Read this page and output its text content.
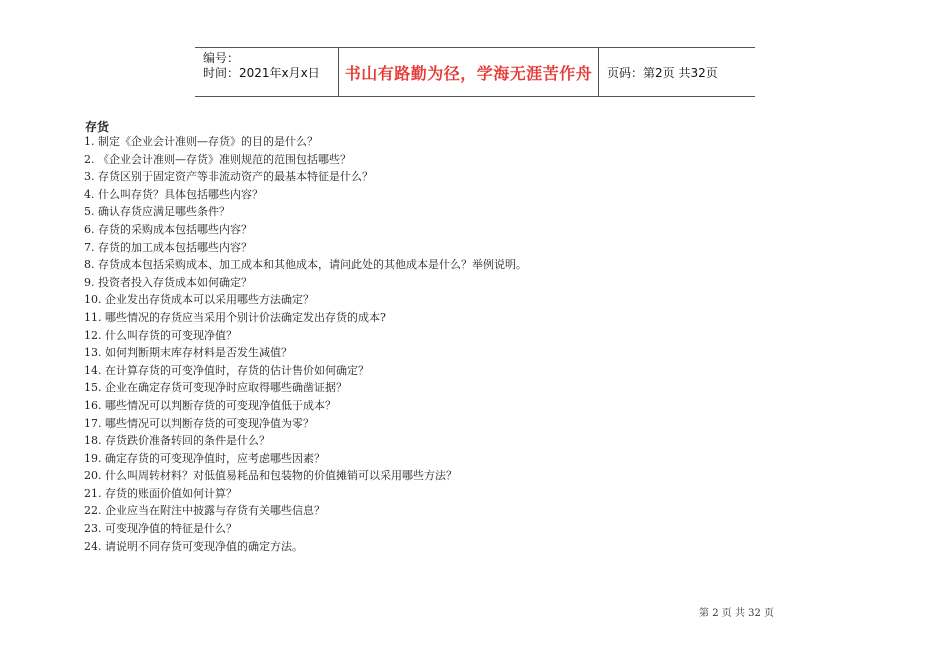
编号：
时间：2021年x月x日	书山有路勤为径，学海无涯苦作舟	页码：第2页 共32页
存货
1. 制定《企业会计准则—存货》的目的是什么？
2. 《企业会计准则—存货》准则规范的范围包括哪些？
3. 存货区别于固定资产等非流动资产的最基本特征是什么？
4. 什么叫存货？具体包括哪些内容？
5. 确认存货应满足哪些条件？
6. 存货的采购成本包括哪些内容？
7. 存货的加工成本包括哪些内容？
8. 存货成本包括采购成本、加工成本和其他成本，请问此处的其他成本是什么？举例说明。
9. 投资者投入存货成本如何确定？
10. 企业发出存货成本可以采用哪些方法确定？
11. 哪些情况的存货应当采用个别计价法确定发出存货的成本?
12. 什么叫存货的可变现净值？
13. 如何判断期末库存材料是否发生减值？
14. 在计算存货的可变净值时，存货的估计售价如何确定？
15. 企业在确定存货可变现净时应取得哪些确凿证据？
16. 哪些情况可以判断存货的可变现净值低于成本？
17. 哪些情况可以判断存货的可变现净值为零？
18. 存货跌价准备转回的条件是什么？
19. 确定存货的可变现净值时，应考虑哪些因素？
20. 什么叫周转材料？对低值易耗品和包装物的价值摊销可以采用哪些方法？
21. 存货的账面价值如何计算？
22. 企业应当在附注中披露与存货有关哪些信息？
23. 可变现净值的特征是什么？
24. 请说明不同存货可变现净值的确定方法。
第 2 页 共 32 页
